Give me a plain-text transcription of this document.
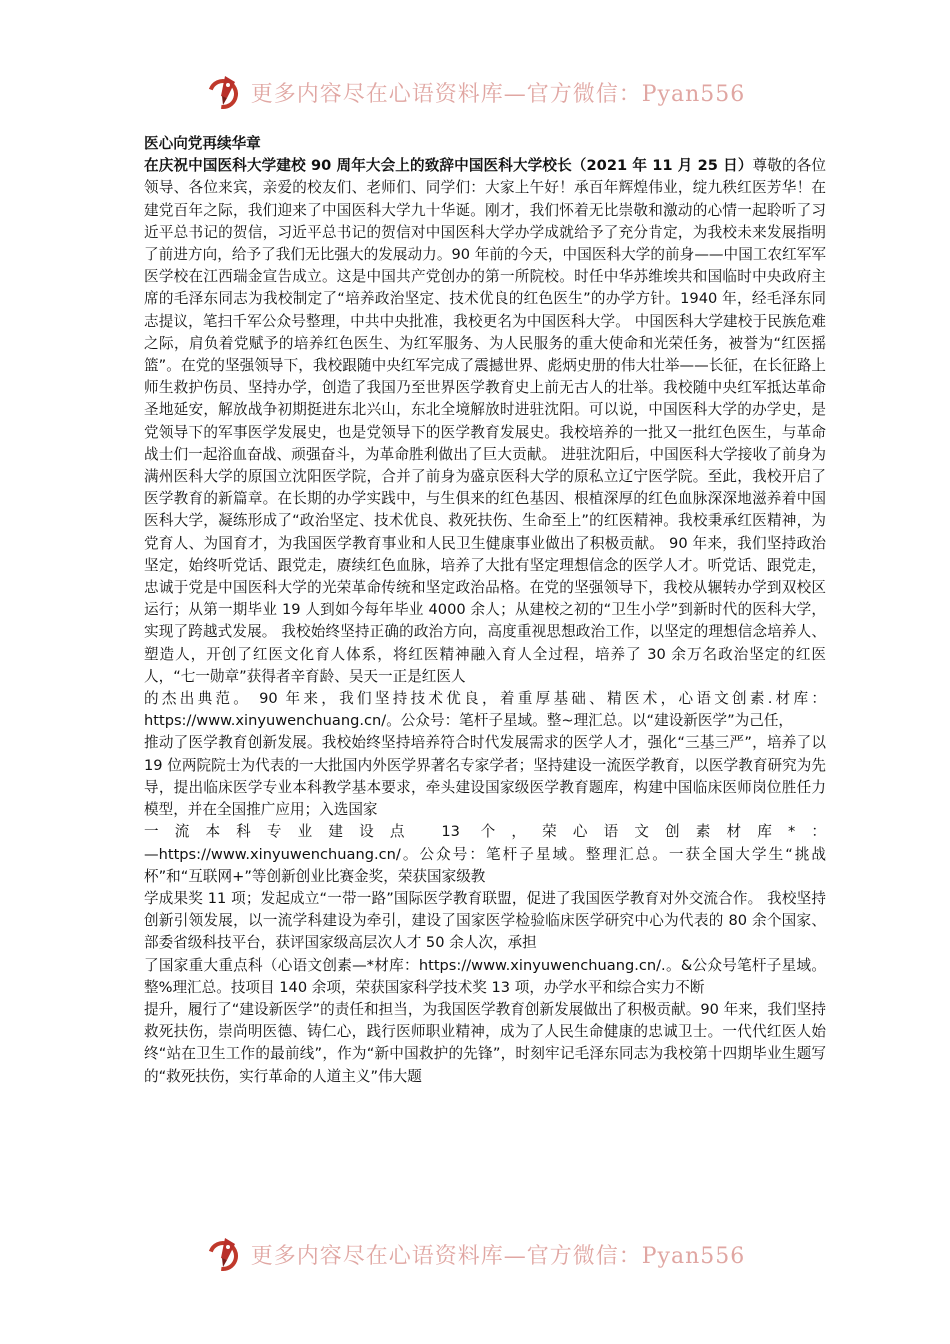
更多内容尽在心语资料库—官方微信：Pyan556

医心向党再续华章

在庆祝中国医科大学建校 90 周年大会上的致辞中国医科大学校长（2021 年 11 月 25 日）尊敬的各位领导、各位来宾，亲爱的校友们、老师们、同学们：大家上午好！承百年辉煌伟业，绽九秩红医芳华！在建党百年之际，我们迎来了中国医科大学九十华诞。刚才，我们怀着无比崇敬和激动的心情一起聆听了习近平总书记的贺信，习近平总书记的贺信对中国医科大学办学成就给予了充分肯定，为我校未来发展指明了前进方向，给予了我们无比强大的发展动力。90 年前的今天，中国医科大学的前身——中国工农红军军医学校在江西瑞金宣告成立。这是中国共产党创办的第一所院校。时任中华苏维埃共和国临时中央政府主席的毛泽东同志为我校制定了“培养政治坚定、技术优良的红色医生”的办学方针。1940 年，经毛泽东同志提议，笔扫千军公众号整理，中共中央批准，我校更名为中国医科大学。 中国医科大学建校于民族危难之际，肩负着党赋予的培养红色医生、为红军服务、为人民服务的重大使命和光荣任务，被誉为“红医摇篮”。在党的坚强领导下，我校跟随中央红军完成了震撼世界、彪炳史册的伟大壮举——长征，在长征路上师生救护伤员、坚持办学，创造了我国乃至世界医学教育史上前无古人的壮举。我校随中央红军抵达革命圣地延安，解放战争初期挺进东北兴山，东北全境解放时进驻沈阳。可以说，中国医科大学的办学史，是党领导下的军事医学发展史，也是党领导下的医学教育发展史。我校培养的一批又一批红色医生，与革命战士们一起浴血奋战、顽强奋斗，为革命胜利做出了巨大贡献。 进驻沈阳后，中国医科大学接收了前身为满州医科大学的原国立沈阳医学院，合并了前身为盛京医科大学的原私立辽宁医学院。至此，我校开启了医学教育的新篇章。在长期的办学实践中，与生俱来的红色基因、根植深厚的红色血脉深深地滋养着中国医科大学，凝练形成了“政治坚定、技术优良、救死扶伤、生命至上”的红医精神。我校秉承红医精神，为党育人、为国育才，为我国医学教育事业和人民卫生健康事业做出了积极贡献。 90 年来，我们坚持政治坚定，始终听党话、跟党走，赓续红色血脉，培养了大批有坚定理想信念的医学人才。听党话、跟党走，忠诚于党是中国医科大学的光荣革命传统和坚定政治品格。在党的坚强领导下，我校从辗转办学到双校区运行；从第一期毕业 19 人到如今每年毕业 4000 余人；从建校之初的“卫生小学”到新时代的医科大学，实现了跨越式发展。 我校始终坚持正确的政治方向，高度重视思想政治工作，以坚定的理想信念培养人、塑造人，开创了红医文化育人体系，将红医精神融入育人全过程，培养了 30 余万名政治坚定的红医人，“七一勋章”获得者辛育龄、吴天一正是红医人

的杰出典范。 90 年来，我们坚持技术优良，着重厚基础、精医术，心语文创素.材库：https://www.xinyuwenchuang.cn/。公众号：笔杆子星域。整~理汇总。以“建设新医学”为己任，

推动了医学教育创新发展。我校始终坚持培养符合时代发展需求的医学人才，强化“三基三严”，培养了以 19 位两院院士为代表的一大批国内外医学界著名专家学者；坚持建设一流医学教育，以医学教育研究为先导，提出临床医学专业本科教学基本要求，牵头建设国家级医学教育题库，构建中国临床医师岗位胜任力模型，并在全国推广应用；入选国家

一流本科专业建设点 13 个，荣心语文创素材库*：

—https://www.xinyuwenchuang.cn/。公众号：笔杆子星域。整理汇总。一获全国大学生“挑战杯”和“互联网+”等创新创业比赛金奖，荣获国家级教

学成果奖 11 项；发起成立“一带一路”国际医学教育联盟，促进了我国医学教育对外交流合作。 我校坚持创新引领发展，以一流学科建设为牵引，建设了国家医学检验临床医学研究中心为代表的 80 余个国家、部委省级科技平台，获评国家级高层次人才 50 余人次，承担

了国家重大重点科（心语文创素—*材库：https://www.xinyuwenchuang.cn/.。&公众号笔杆子星域。整%理汇总。技项目 140 余项，荣获国家科学技术奖 13 项，办学水平和综合实力不断

提升，履行了“建设新医学”的责任和担当，为我国医学教育创新发展做出了积极贡献。90 年来，我们坚持救死扶伤，崇尚明医德、铸仁心，践行医师职业精神，成为了人民生命健康的忠诚卫士。一代代红医人始终“站在卫生工作的最前线”，作为“新中国救护的先锋”，时刻牢记毛泽东同志为我校第十四期毕业生题写的“救死扶伤，实行革命的人道主义”伟大题

更多内容尽在心语资料库—官方微信：Pyan556
